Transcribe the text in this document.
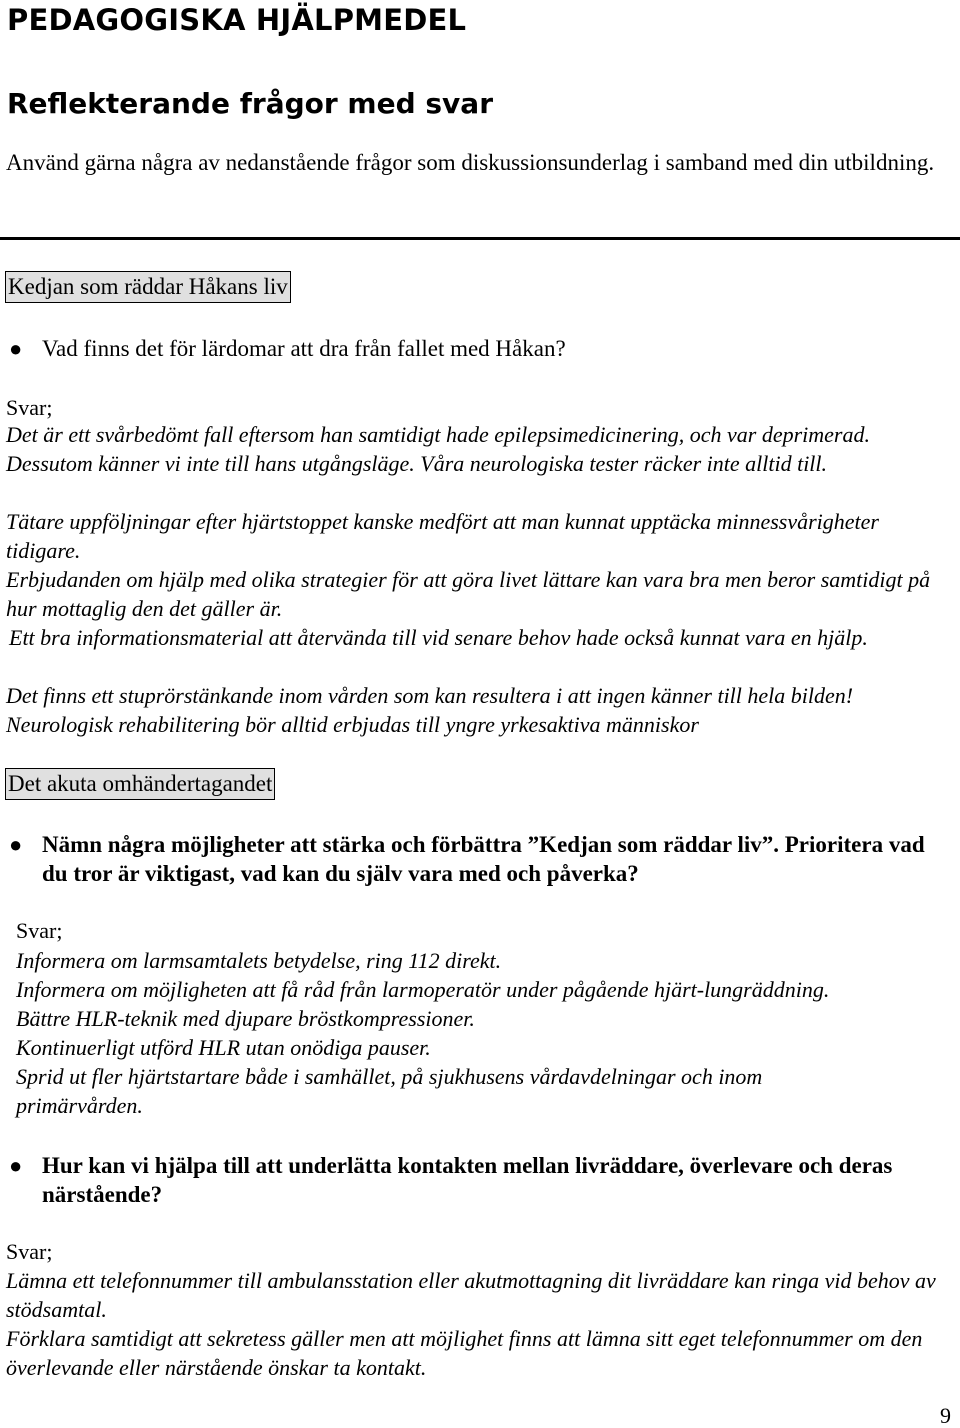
PEDAGOGISKA HJÄLPMEDEL
Reflekterande frågor med svar

Använd gärna några av nedanstående frågor som diskussionsunderlag i samband med din utbildning.

Kedjan som räddar Håkans liv
● Vad finns det för lärdomar att dra från fallet med Håkan?

Svar;

Det är ett svårbedömt fall eftersom han samtidigt hade epilepsimedicinering, och var deprimerad. Dessutom känner vi inte till hans utgångsläge. Våra neurologiska tester räcker inte alltid till.

Tätare uppföljningar efter hjärtstoppet kanske medfört att man kunnat upptäcka minnessvårigheter tidigare.

Erbjudanden om hjälp med olika strategier för att göra livet lättare kan vara bra men beror samtidigt på hur mottaglig den det gäller är.

Ett bra informationsmaterial att återvända till vid senare behov hade också kunnat vara en hjälp.

Det finns ett stuprörstänkande inom vården som kan resultera i att ingen känner till hela bilden! Neurologisk rehabilitering bör alltid erbjudas till yngre yrkesaktiva människor

Det akuta omhändertagandet
● Nämn några möjligheter att stärka och förbättra ”Kedjan som räddar liv”. Prioritera vad du tror är viktigast, vad kan du själv vara med och påverka?

Svar;

Informera om larmsamtalets betydelse, ring 112 direkt.

Informera om möjligheten att få råd från larmoperatör under pågående hjärt-lungräddning.

Bättre HLR-teknik med djupare bröstkompressioner.

Kontinuerligt utförd HLR utan onödiga pauser.

Sprid ut fler hjärtstartare både i samhället, på sjukhusens vårdavdelningar och inom primärvården.

● Hur kan vi hjälpa till att underlätta kontakten mellan livräddare, överlevare och deras närstående?

Svar;

Lämna ett telefonnummer till ambulansstation eller akutmottagning dit livräddare kan ringa vid behov av stödsamtal.

Förklara samtidigt att sekretess gäller men att möjlighet finns att lämna sitt eget telefonnummer om den överlevande eller närstående önskar ta kontakt.

9
